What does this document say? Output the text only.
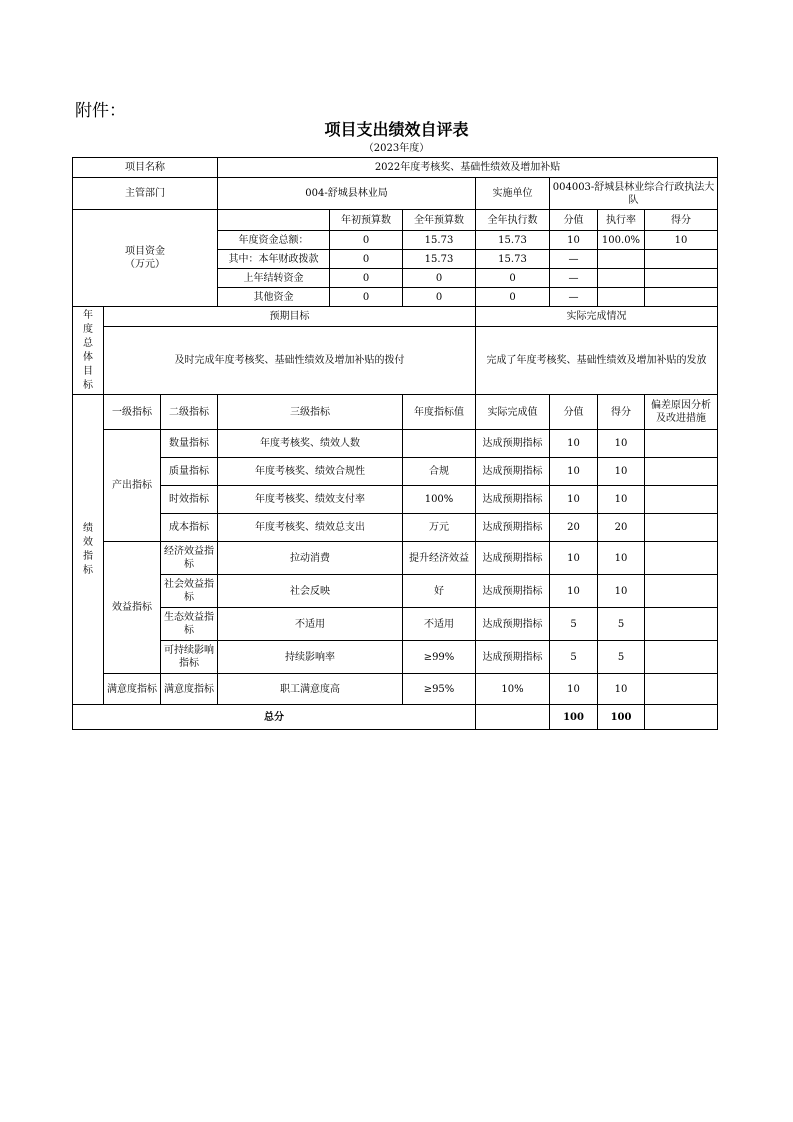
附件：
项目支出绩效自评表
（2023年度）
项目名称			2022年度考核奖、基础性绩效及增加补贴						
主管部门			004-舒城县林业局			实施单位	004003-舒城县林业综合行政执法大队		
项目资金
（万元）				年初预算数	全年预算数	全年执行数	分值	执行率	得分
			年度资金总额：	0	15.73	15.73	10	100.0%	10
			其中：本年财政拨款	0	15.73	15.73	—		
			上年结转资金	0	0	0	—		
			其他资金	0	0	0	—		
年度总体目标	预期目标					实际完成情况			
	及时完成年度考核奖、基础性绩效及增加补贴的拨付					完成了年度考核奖、基础性绩效及增加补贴的发放			
绩效指标	一级指标	二级指标	三级指标		年度指标值	实际完成值	分值	得分	偏差原因分析及改进措施
	产出指标	数量指标	年度考核奖、绩效人数			达成预期指标	10	10	
		质量指标	年度考核奖、绩效合规性		合规	达成预期指标	10	10	
		时效指标	年度考核奖、绩效支付率		100%	达成预期指标	10	10	
		成本指标	年度考核奖、绩效总支出		万元	达成预期指标	20	20	
	效益指标	经济效益指标	拉动消费		提升经济效益	达成预期指标	10	10	
		社会效益指标	社会反映		好	达成预期指标	10	10	
		生态效益指标	不适用		不适用	达成预期指标	5	5	
		可持续影响指标	持续影响率		≥99%	达成预期指标	5	5	
	满意度指标	满意度指标	职工满意度高		≥95%	10%	10	10	
总分							100	100	
